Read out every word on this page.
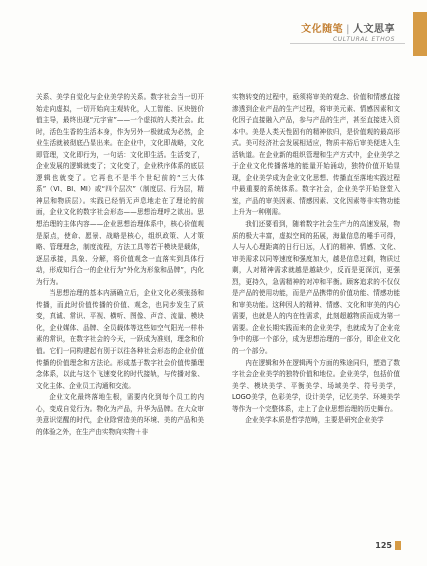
文化随笔 | 人文思享
CULTURAL ETHOS

关系、美学自觉化与企业美学的关系。数字社会当一切开始走向虚拟，一切开始向主观转化，人工智能、区块链价值主导，最终出现“元宇宙”——一个虚拟的人类社会。此时，活色生香的生活本身，作为另外一极就成为必然，企业生活就被彻底凸显出来。在企业中，文化即战略，文化即管理，文化即行为，一句话：文化即生活。生活变了，企业发展的逻辑就变了；文化变了，企业秩序体系的底层逻辑也就变了。它再也不是半个世纪前的“三大体系”（VI、BI、MI）或“四个层次”（制度层、行为层，精神层和物质层）。实践已经悄无声息地走在了理论的前面，企业文化的数字社会形态——思想治理呼之欲出。思想治理的主体内容——企业思想治理体系中，核心价值观是原点，使命、愿景、战略是核心，组织政策、人才策略、管理理念，制度流程，方法工具等若干模块是载体，逐层承接，具象、分解，将价值观念一直落实到具体行动，形成知行合一的企业行为“外化为形象和品牌”，内化为行为。

当思想治理的基本内涵确立后，企业文化必须张扬和传播，而此时价值传播的价值、观念，也同步发生了质变，真诚、常识、平视、横听、图像、声音、流量、模块化，企业媒体、品牌、全员载体等这些如空气阳光一样朴素的常识，在数字社会的今天，一跃成为准则，理念和价值。它们一同构建起有别于以往各种社会形态的企业价值传播的价值理念和方法论。形成基于数字社会价值传播理念体系，以此与这个飞速变化的时代接轨，与传播对象、文化主体、企业员工沟通和交流。

企业文化最终落地生根，需要内化到每个员工的内心，变成自觉行为。物化为产品，升华为品牌。在大众审美意识觉醒的时代，企业除营造美的环境、美的产品和美的体验之外，在生产由实物向实物＋非

实物转变的过程中，亟须将审美的观念、价值和情感直接渗透到企业产品的生产过程，将审美元素、情感因素和文化因子直接融入产品，参与产品的生产，甚至直接进入资本中。美是人类天性固有的精神依归，是价值观的最高形式。美可经济社会发展相适应，物质丰裕后审美便进入生活轨道。在企业新的组织管理和生产方式中，企业美学之于企业文化传播落地的能量开始涌动，独特价值开始显现，企业美学成为企业文化思想、传播直至落地实践过程中最重要的系统体系。数字社会，企业美学开始登堂入室，产品的审美因素、情感因素、文化因素等非实物功能上升为一种刚需。

我们还要看到，随着数字社会生产力的高速发展，物质的极大丰富，虚拟空间的拓展，海量信息的唾手可得，人与人心理距离的日行日远，人们的精神、情感、文化、审美需求以同等速度和强度加大，越是信息过剩，物质过剩，人对精神需求就越是越缺少，反而是更深沉，更强烈，更持久，急需精神的对冲和平衡。顾客追求的不仅仅是产品的使用功能，而是产品携带的价值功能、情感功能和审美功能。这种因人的精神、情感、文化和审美的内心需要，也就是人的内在性需求，此刻超越物质而成为第一需要。企业长期实践而来的企业美学，也就成为了企业竞争中的那一个部分，成为思想治理的一部分，即企业文化的一个部分。

内在逻辑和外在逻辑两个方面的殊途同归，塑造了数字社会企业美学的独特价值和地位。企业美学，包括价值美学、模块美学、平衡美学、场域美学、符号美学，LOGO美学，色彩美学，设计美学，记忆美学、环境美学等作为一个完整体系，走上了企业思想治理的历史舞台。

企业美学本质是哲学范畴，主要是研究企业美学

125
